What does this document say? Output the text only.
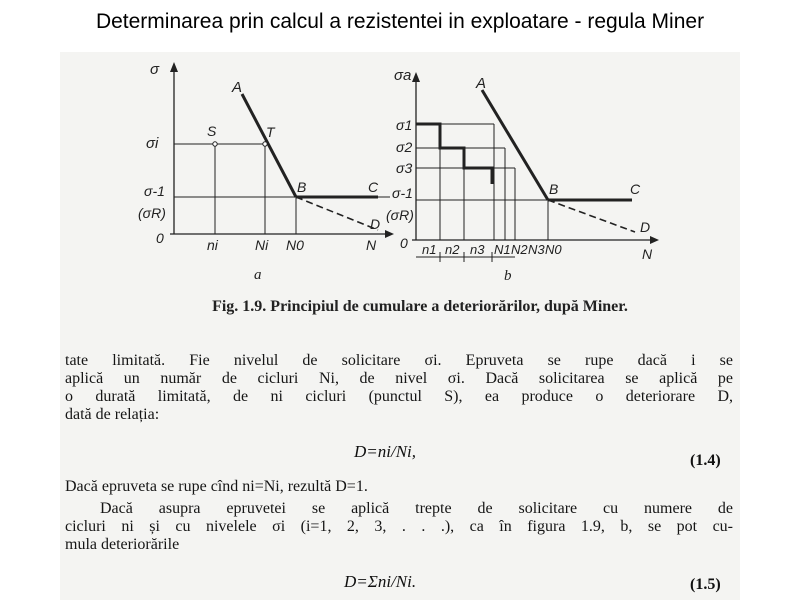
Determinarea prin calcul a rezistentei in exploatare - regula Miner
σ
A
S	T
B	C
D
σi
σ-1
(σR)
0	ni	Ni N0	N
a
σa	A
B	C
D
σ1
σ2
σ3
σ-1
(σR)
0 n1 n2 n3 N1 N2 N3 N0	N
b
Fig. 1.9. Principiul de cumulare a deteriorărilor, după Miner.
tate limitată. Fie nivelul de solicitare σi. Epruveta se rupe dacă i se
aplică un număr de cicluri Ni, de nivel σi. Dacă solicitarea se aplică pe
o durată limitată, de ni cicluri (punctul S), ea produce o deteriorare D,
dată de relația:
D=ni/Ni,	(1.4)
Dacă epruveta se rupe cînd ni=Ni, rezultă D=1.
Dacă asupra epruvetei se aplică trepte de solicitare cu numere de
cicluri ni și cu nivelele σi (i=1, 2, 3, . . .), ca în figura 1.9, b, se pot cu-
mula deteriorările
D=Σni/Ni.	(1.5)
